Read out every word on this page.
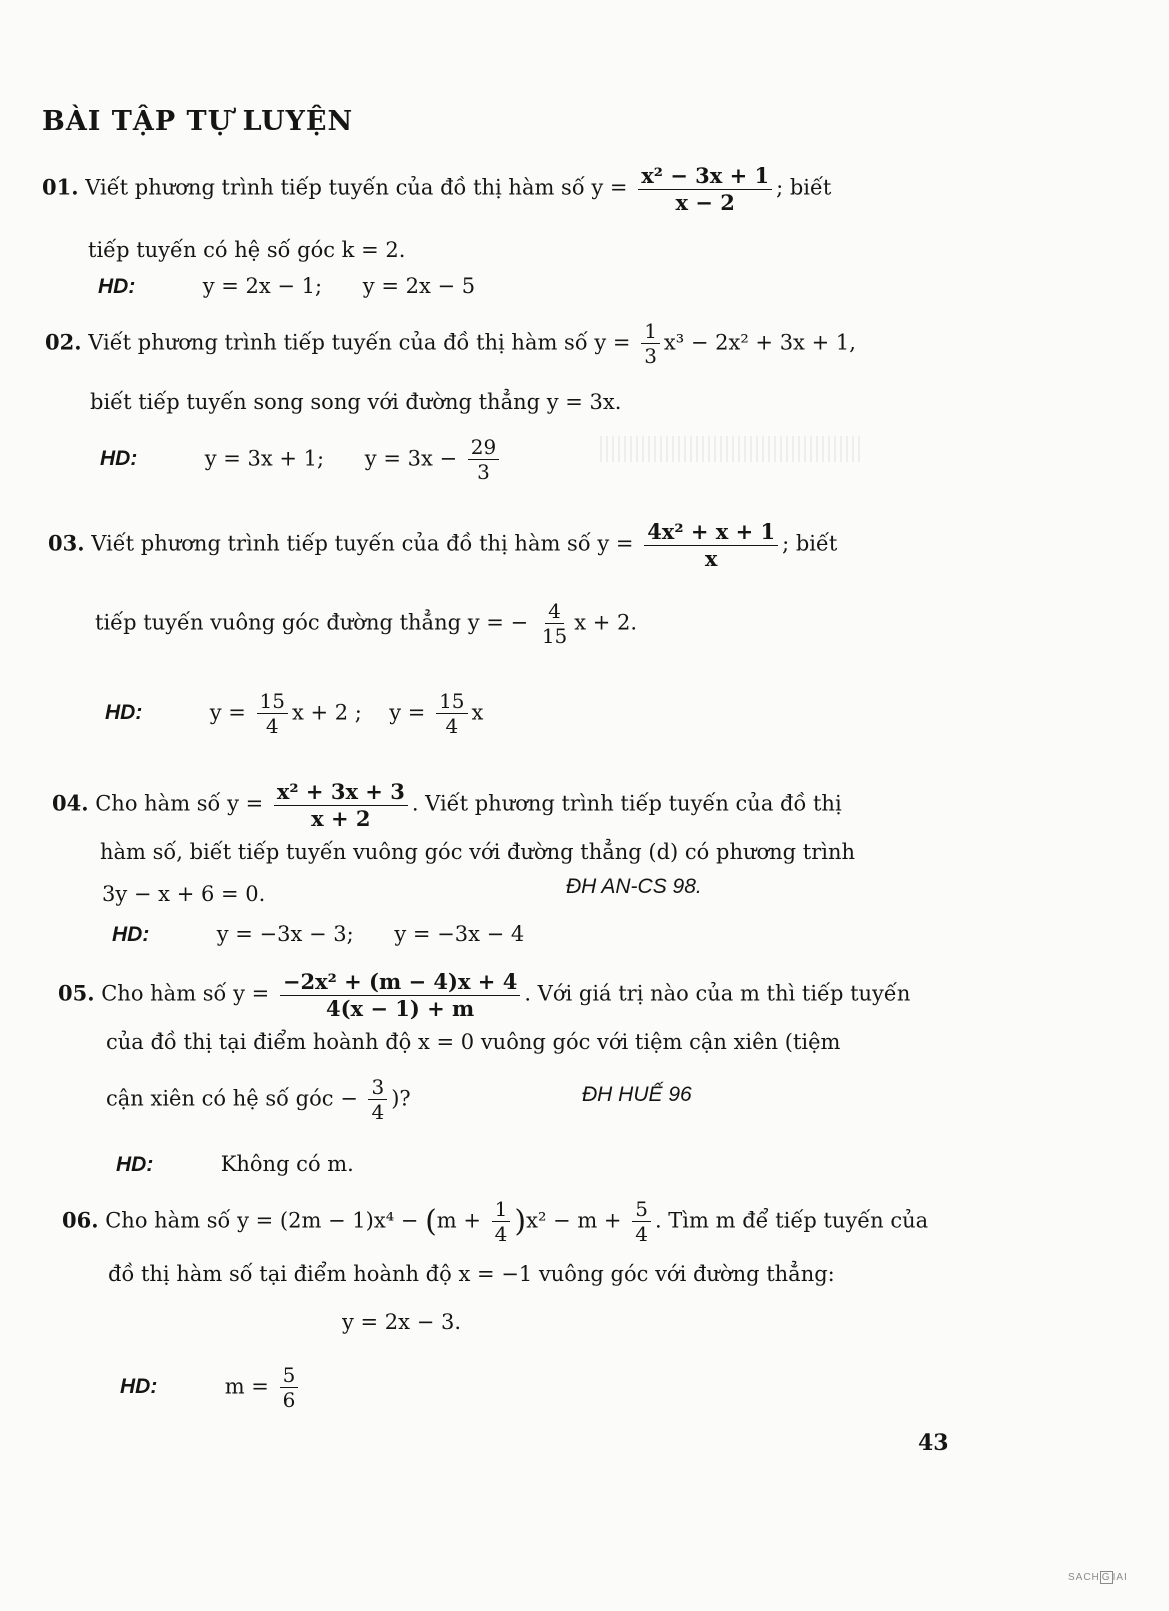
BÀI TẬP TỰ LUYỆN
01. Viết phương trình tiếp tuyến của đồ thị hàm số $y = \frac{\text{x² − 3x + 1}}{x - 2}$ ; biết
tiếp tuyến có hệ số góc k = 2.
HD:	y = 2x − 1; y = 2x − 5
02. Viết phương trình tiếp tuyến của đồ thị hàm số $y = \frac{1}{3} x^3 - 2x^2 + 3x + 1$,
biết tiếp tuyến song song với đường thẳng y = 3x.
HD:	y = 3x + 1; $y = 3x - \frac{29}{3}$
03. Viết phương trình tiếp tuyến của đồ thị hàm số $y = \frac{\text{4x² + x + 1}}{x}$ ; biết
tiếp tuyến vuông góc đường thẳng y = − $\frac{4}{15}$ x + 2.
HD:	$y = \frac{15}{4}$ x + 2 ; $y = \frac{15}{4}$ x
04. Cho hàm số $y = \frac{\text{x² + 3x + 3}}{x + 2}$ . Viết phương trình tiếp tuyến của đồ thị
hàm số, biết tiếp tuyến vuông góc với đường thẳng (d) có phương trình
3y − x + 6 = 0.	ĐH AN-CS 98.
HD:	y = −3x − 3; y = −3x − 4
05. Cho hàm số $y = \frac{\text{−2x² + (m − 4)x + 4}}{4(x - 1) + m}$ . Với giá trị nào của m thì tiếp tuyến
của đồ thị tại điểm hoành độ x = 0 vuông góc với tiệm cận xiên (tiệm
cận xiên có hệ số góc − $\frac{3}{4}$ )?	ĐH HUẾ 96
HD:	Không có m.
06. Cho hàm số $y = (2m - 1)x^4 - (m + \frac{1}{4} )x^2 - m + \frac{5}{4}$ . Tìm m để tiếp tuyến của
đồ thị hàm số tại điểm hoành độ x = −1 vuông góc với đường thẳng:
y = 2x − 3.
HD:	$m = \frac{5}{6}$
43
SACH G IAI
